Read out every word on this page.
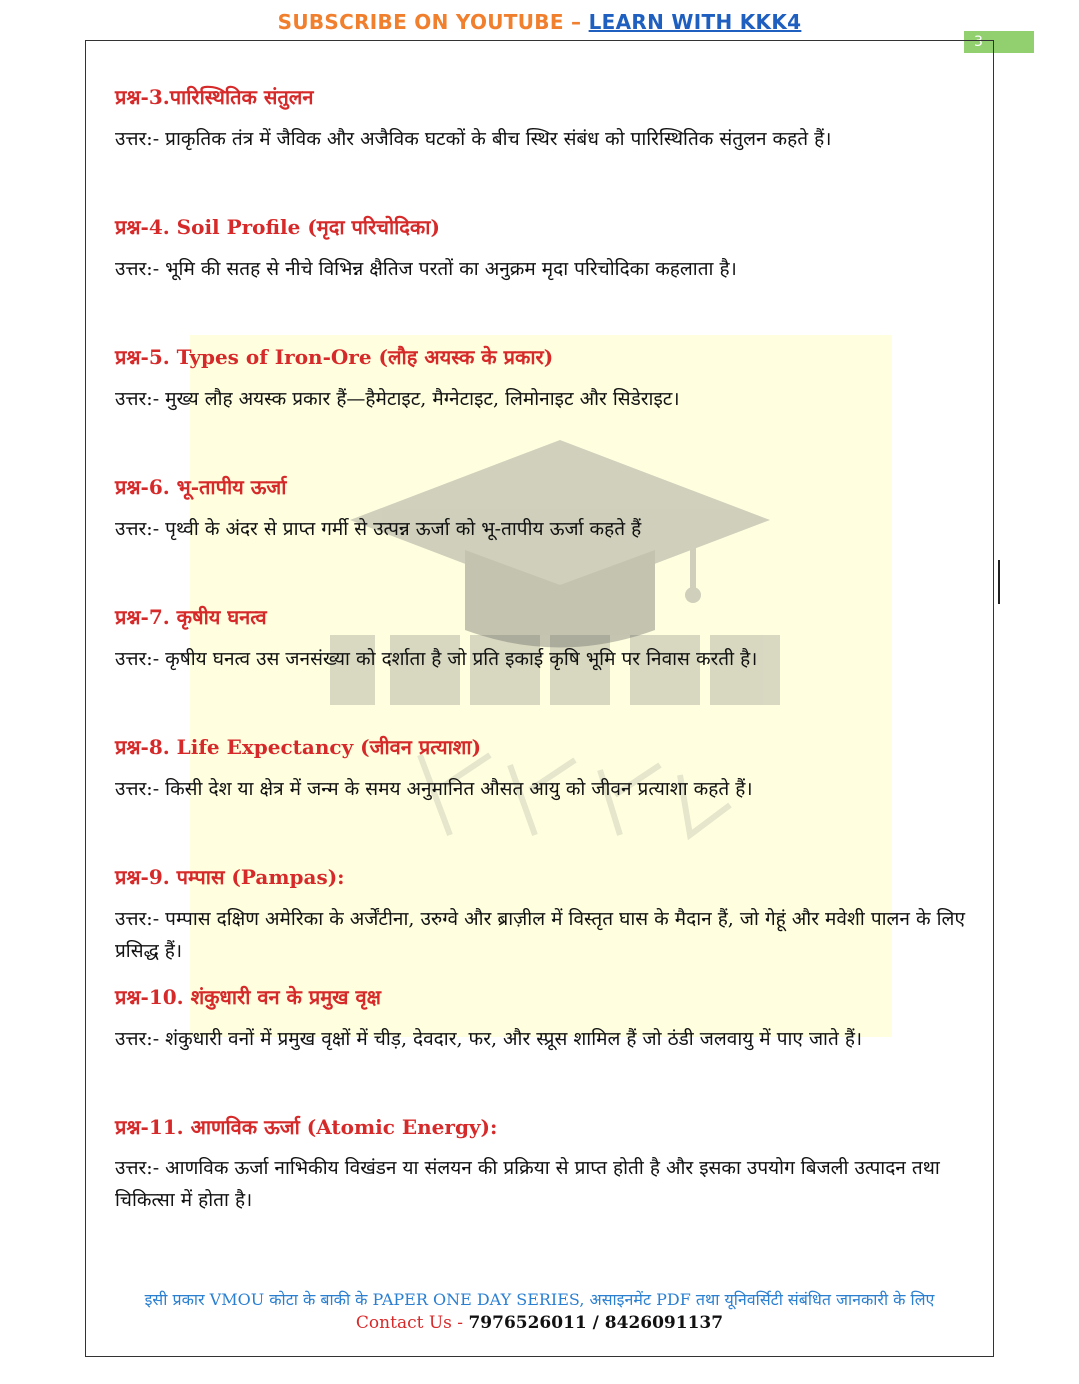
SUBSCRIBE ON YOUTUBE – LEARN WITH KKK4
3
प्रश्न-3.पारिस्थितिक संतुलन
उत्तर:- प्राकृतिक तंत्र में जैविक और अजैविक घटकों के बीच स्थिर संबंध को पारिस्थितिक संतुलन कहते हैं।
प्रश्न-4. Soil Profile (मृदा परिचोदिका)
उत्तर:- भूमि की सतह से नीचे विभिन्न क्षैतिज परतों का अनुक्रम मृदा परिचोदिका कहलाता है।
प्रश्न-5. Types of Iron-Ore (लौह अयस्क के प्रकार)
उत्तर:- मुख्य लौह अयस्क प्रकार हैं—हैमेटाइट, मैग्नेटाइट, लिमोनाइट और सिडेराइट।
प्रश्न-6. भू-तापीय ऊर्जा
उत्तर:- पृथ्वी के अंदर से प्राप्त गर्मी से उत्पन्न ऊर्जा को भू-तापीय ऊर्जा कहते हैं
प्रश्न-7. कृषीय घनत्व
उत्तर:- कृषीय घनत्व उस जनसंख्या को दर्शाता है जो प्रति इकाई कृषि भूमि पर निवास करती है।
प्रश्न-8. Life Expectancy (जीवन प्रत्याशा)
उत्तर:- किसी देश या क्षेत्र में जन्म के समय अनुमानित औसत आयु को जीवन प्रत्याशा कहते हैं।
प्रश्न-9. पम्पास (Pampas):
उत्तर:- पम्पास दक्षिण अमेरिका के अर्जेंटीना, उरुग्वे और ब्राज़ील में विस्तृत घास के मैदान हैं, जो गेहूं और मवेशी पालन के लिए प्रसिद्ध हैं।
प्रश्न-10. शंकुधारी वन के प्रमुख वृक्ष
उत्तर:- शंकुधारी वनों में प्रमुख वृक्षों में चीड़, देवदार, फर, और स्प्रूस शामिल हैं जो ठंडी जलवायु में पाए जाते हैं।
प्रश्न-11. आणविक ऊर्जा (Atomic Energy):
उत्तर:- आणविक ऊर्जा नाभिकीय विखंडन या संलयन की प्रक्रिया से प्राप्त होती है और इसका उपयोग बिजली उत्पादन तथा चिकित्सा में होता है।
इसी प्रकार VMOU कोटा के बाकी के PAPER ONE DAY SERIES, असाइनमेंट PDF तथा यूनिवर्सिटी संबंधित जानकारी के लिए
Contact Us - 7976526011 / 8426091137
